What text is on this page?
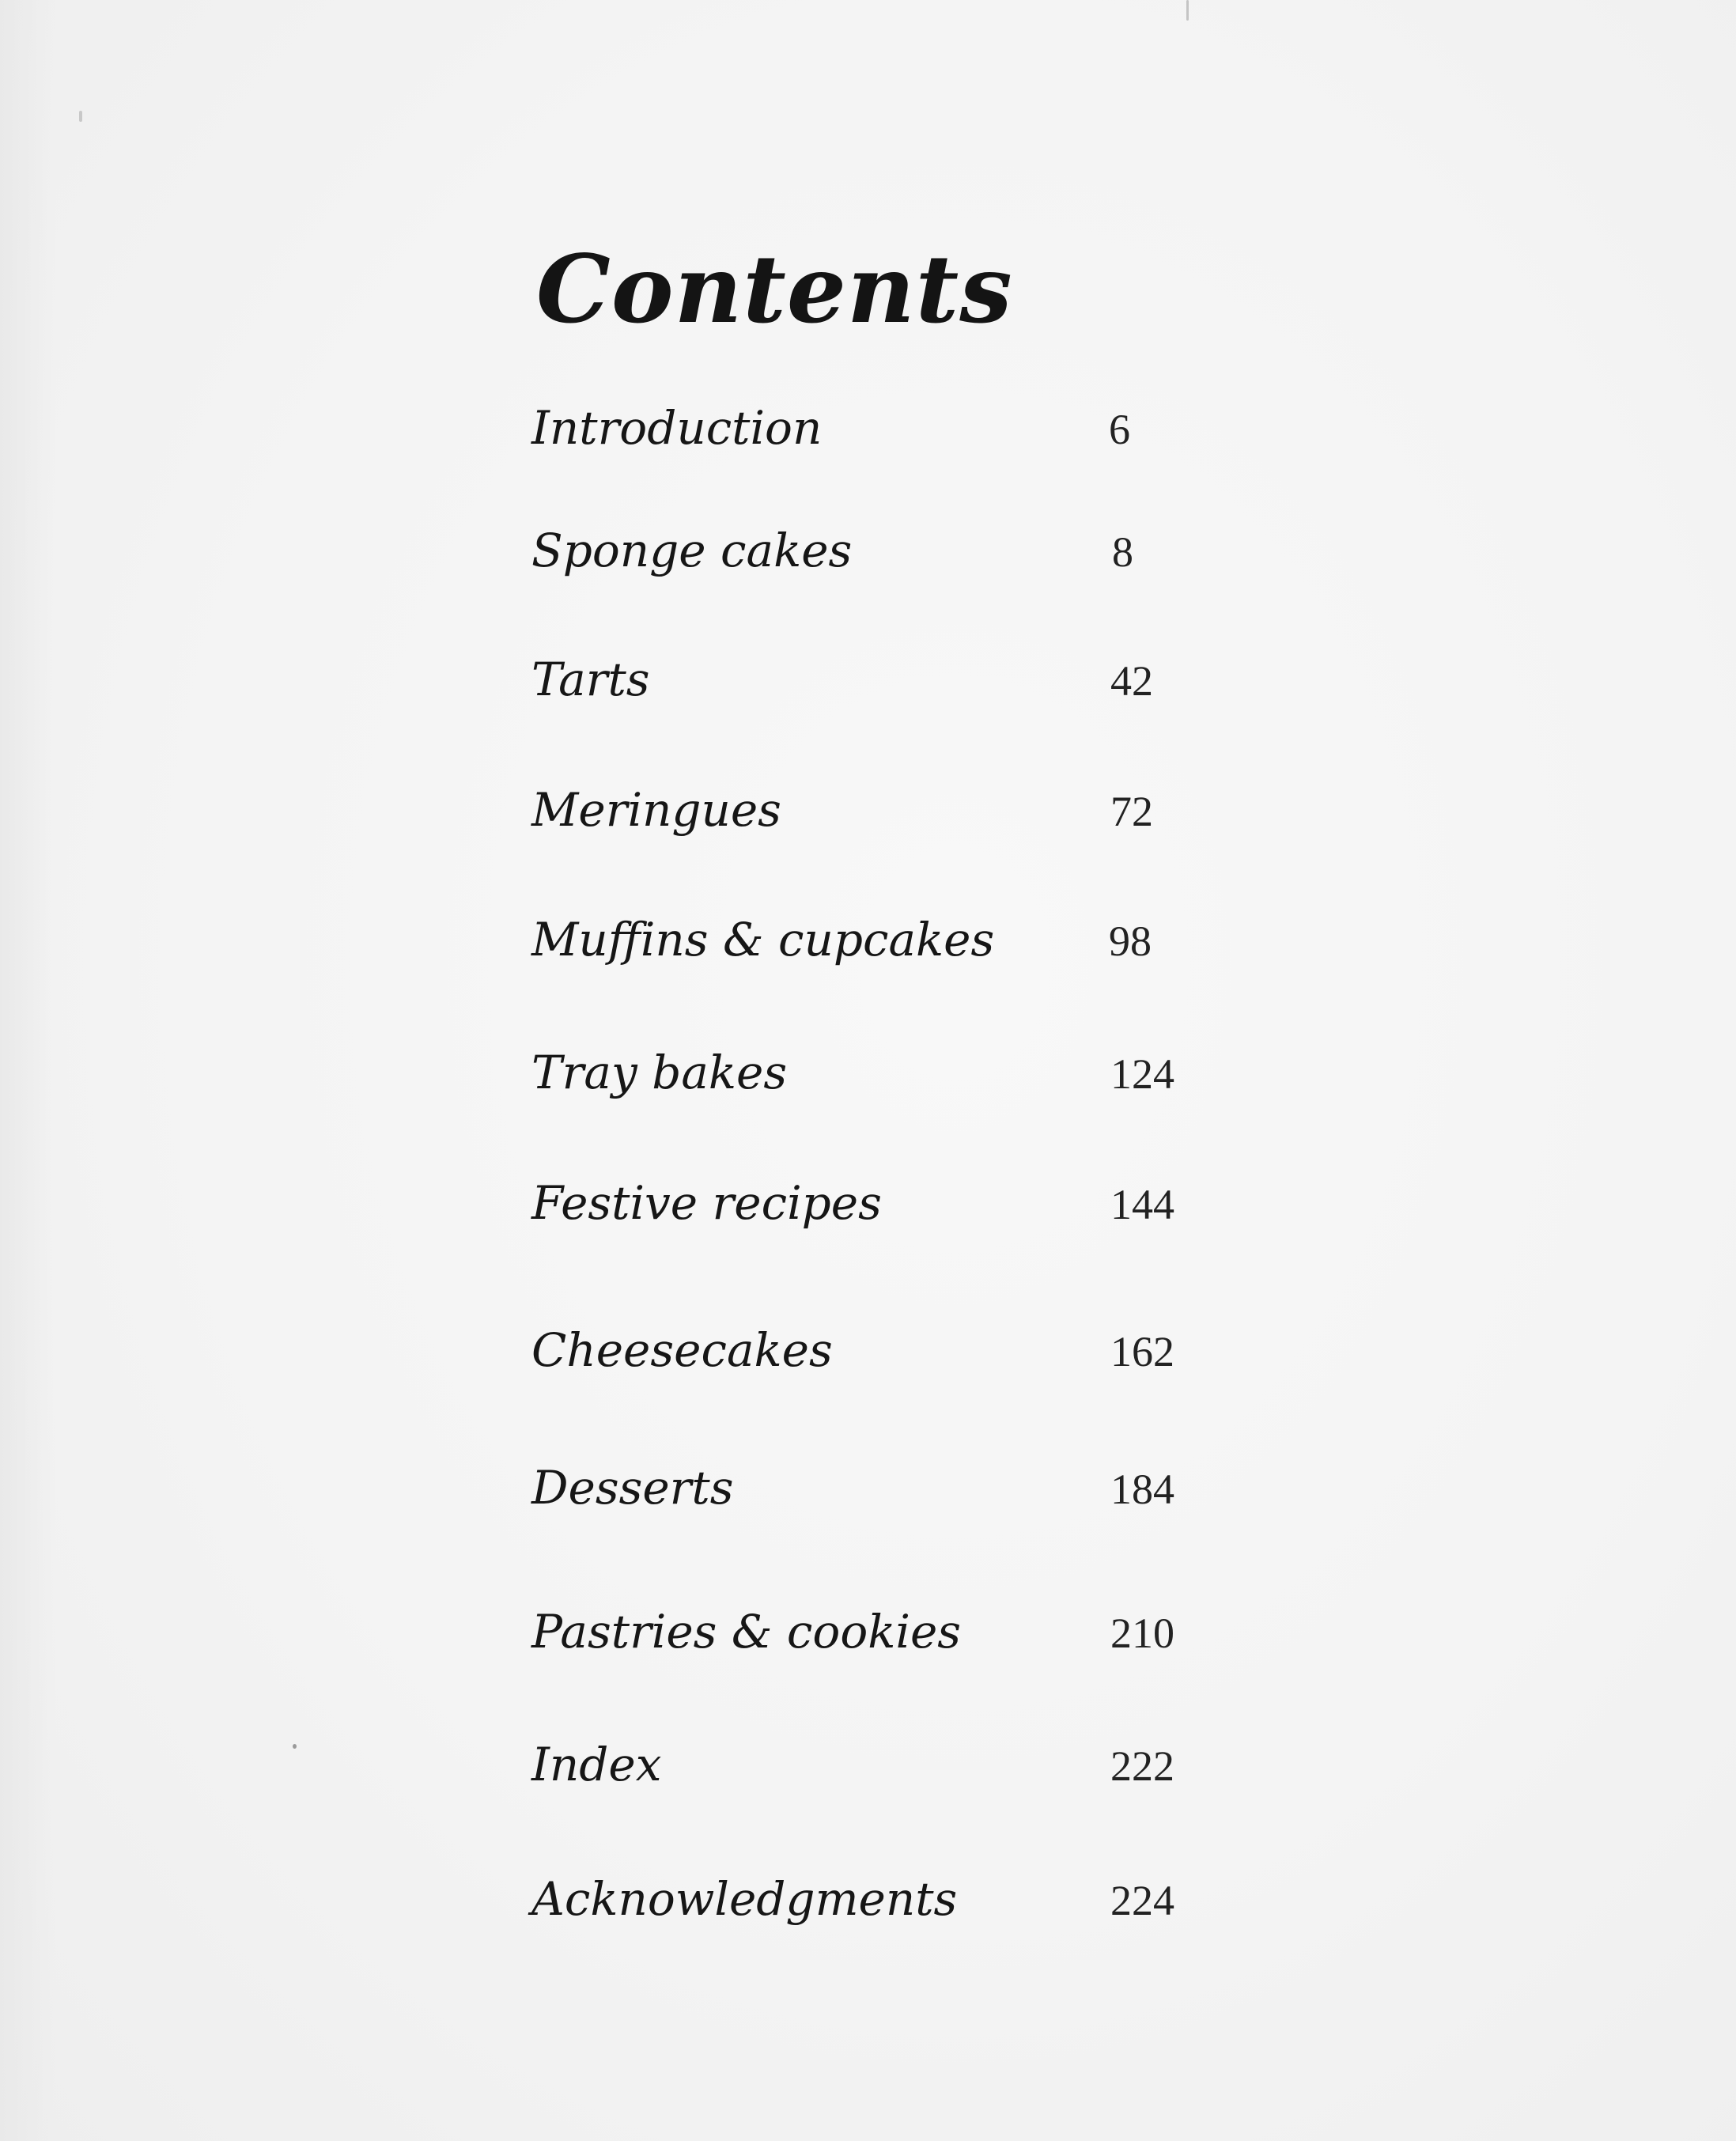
Contents
Introduction	6
Sponge cakes	8
Tarts	42
Meringues	72
Muffins & cupcakes	98
Tray bakes	124
Festive recipes	144
Cheesecakes	162
Desserts	184
Pastries & cookies	210
Index	222
Acknowledgments	224
